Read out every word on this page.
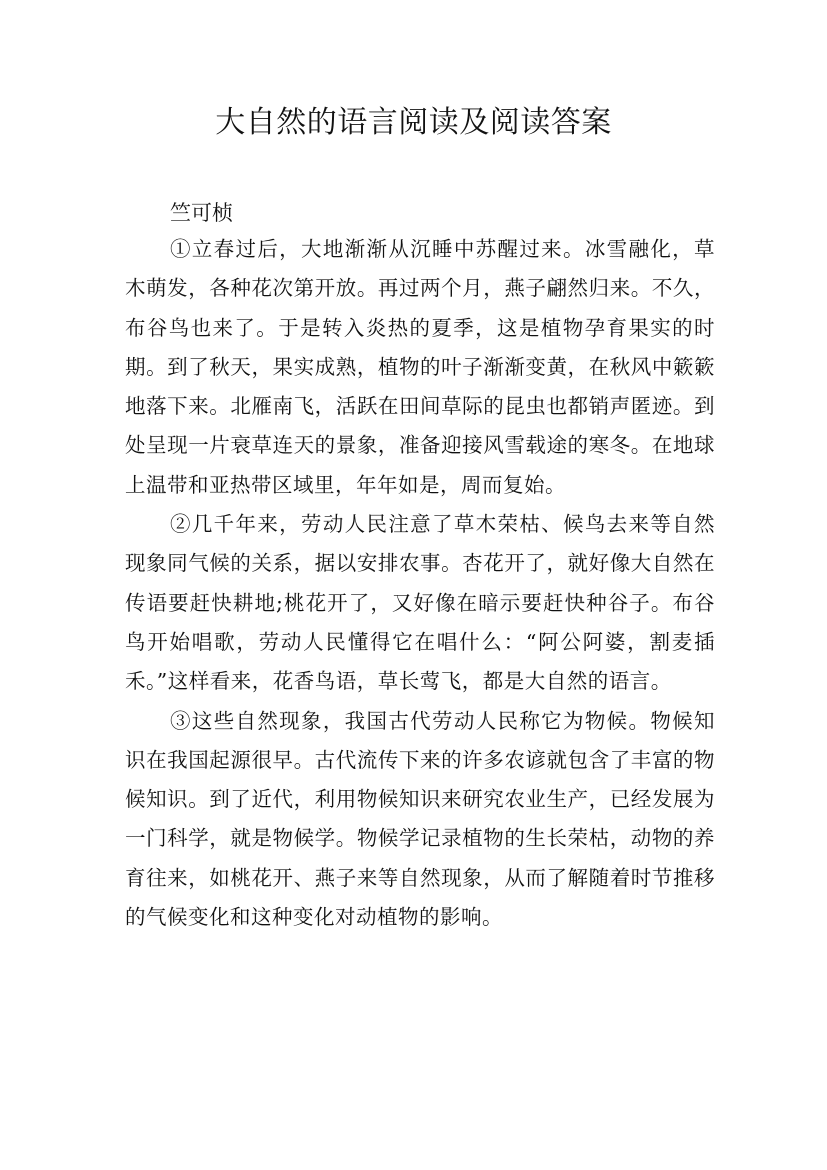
大自然的语言阅读及阅读答案

竺可桢

①立春过后，大地渐渐从沉睡中苏醒过来。冰雪融化，草木萌发，各种花次第开放。再过两个月，燕子翩然归来。不久，布谷鸟也来了。于是转入炎热的夏季，这是植物孕育果实的时期。到了秋天，果实成熟，植物的叶子渐渐变黄，在秋风中簌簌地落下来。北雁南飞，活跃在田间草际的昆虫也都销声匿迹。到处呈现一片衰草连天的景象，准备迎接风雪载途的寒冬。在地球上温带和亚热带区域里，年年如是，周而复始。

②几千年来，劳动人民注意了草木荣枯、候鸟去来等自然现象同气候的关系，据以安排农事。杏花开了，就好像大自然在传语要赶快耕地;桃花开了，又好像在暗示要赶快种谷子。布谷鸟开始唱歌，劳动人民懂得它在唱什么：“阿公阿婆，割麦插禾。”这样看来，花香鸟语，草长莺飞，都是大自然的语言。

③这些自然现象，我国古代劳动人民称它为物候。物候知识在我国起源很早。古代流传下来的许多农谚就包含了丰富的物候知识。到了近代，利用物候知识来研究农业生产，已经发展为一门科学，就是物候学。物候学记录植物的生长荣枯，动物的养育往来，如桃花开、燕子来等自然现象，从而了解随着时节推移的气候变化和这种变化对动植物的影响。
